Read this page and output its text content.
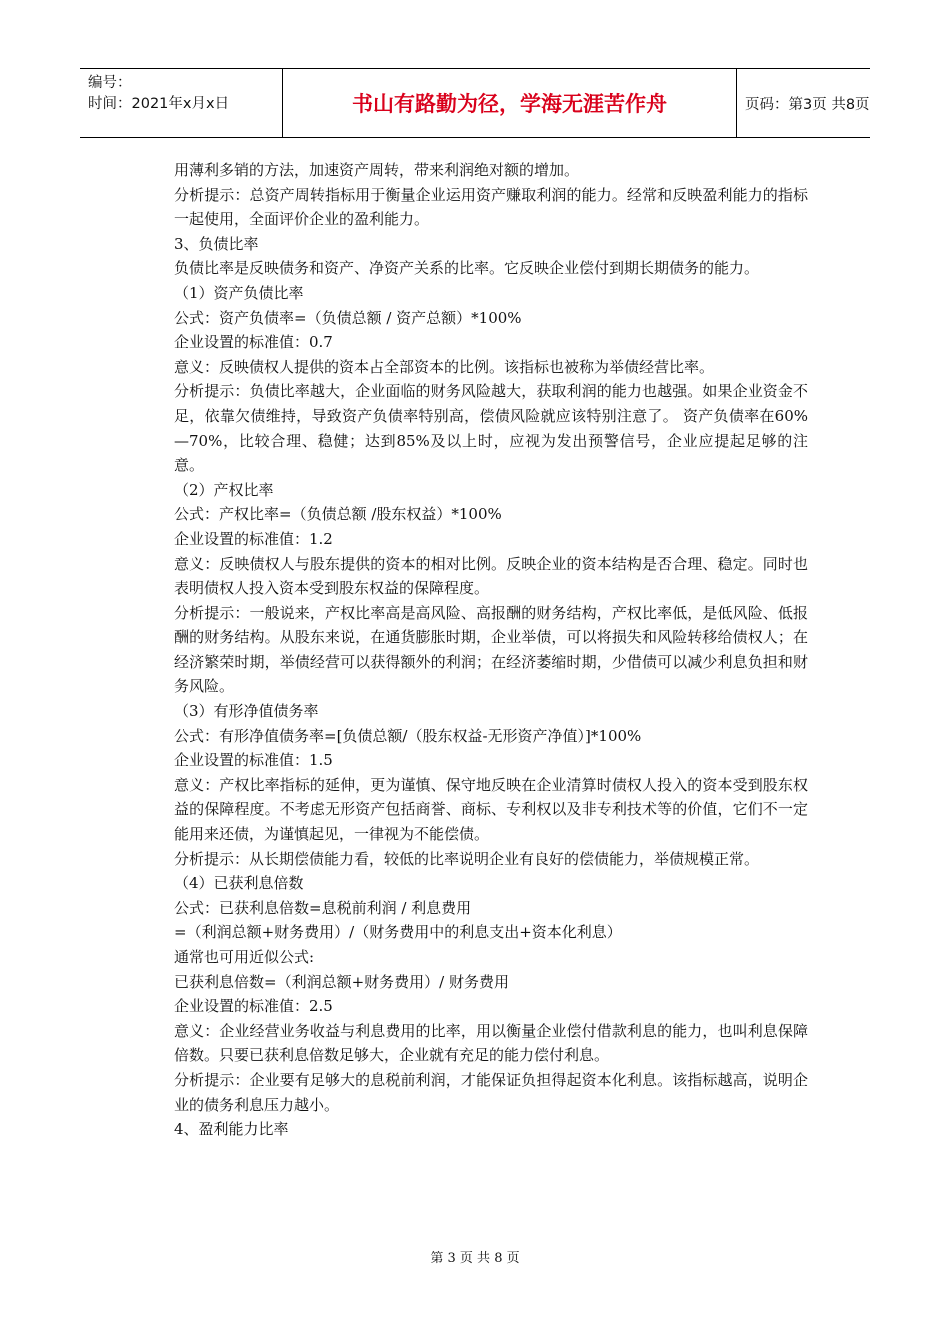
编号：
时间：2021年x月x日	书山有路勤为径，学海无涯苦作舟	页码：第3页 共8页

用薄利多销的方法，加速资产周转，带来利润绝对额的增加。

分析提示：总资产周转指标用于衡量企业运用资产赚取利润的能力。经常和反映盈利能力的指标一起使用，全面评价企业的盈利能力。

3、负债比率

负债比率是反映债务和资产、净资产关系的比率。它反映企业偿付到期长期债务的能力。

（1）资产负债比率

公式：资产负债率=（负债总额 / 资产总额）*100%

企业设置的标准值：0.7

意义：反映债权人提供的资本占全部资本的比例。该指标也被称为举债经营比率。

分析提示：负债比率越大，企业面临的财务风险越大，获取利润的能力也越强。如果企业资金不足，依靠欠债维持，导致资产负债率特别高，偿债风险就应该特别注意了。 资产负债率在60%—70%，比较合理、稳健；达到85%及以上时，应视为发出预警信号，企业应提起足够的注意。

（2）产权比率

公式：产权比率=（负债总额 /股东权益）*100%

企业设置的标准值：1.2

意义：反映债权人与股东提供的资本的相对比例。反映企业的资本结构是否合理、稳定。同时也表明债权人投入资本受到股东权益的保障程度。

分析提示：一般说来，产权比率高是高风险、高报酬的财务结构，产权比率低，是低风险、低报酬的财务结构。从股东来说，在通货膨胀时期，企业举债，可以将损失和风险转移给债权人；在经济繁荣时期，举债经营可以获得额外的利润；在经济萎缩时期，少借债可以减少利息负担和财务风险。

（3）有形净值债务率

公式：有形净值债务率=[负债总额/（股东权益-无形资产净值）]*100%

企业设置的标准值：1.5

意义：产权比率指标的延伸，更为谨慎、保守地反映在企业清算时债权人投入的资本受到股东权益的保障程度。不考虑无形资产包括商誉、商标、专利权以及非专利技术等的价值，它们不一定能用来还债，为谨慎起见，一律视为不能偿债。

分析提示：从长期偿债能力看，较低的比率说明企业有良好的偿债能力，举债规模正常。

（4）已获利息倍数

公式：已获利息倍数=息税前利润 / 利息费用

=（利润总额+财务费用）/（财务费用中的利息支出+资本化利息）

通常也可用近似公式:

已获利息倍数=（利润总额+财务费用）/ 财务费用

企业设置的标准值：2.5

意义：企业经营业务收益与利息费用的比率，用以衡量企业偿付借款利息的能力，也叫利息保障倍数。只要已获利息倍数足够大，企业就有充足的能力偿付利息。

分析提示：企业要有足够大的息税前利润，才能保证负担得起资本化利息。该指标越高，说明企业的债务利息压力越小。

4、盈利能力比率

第 3 页 共 8 页
